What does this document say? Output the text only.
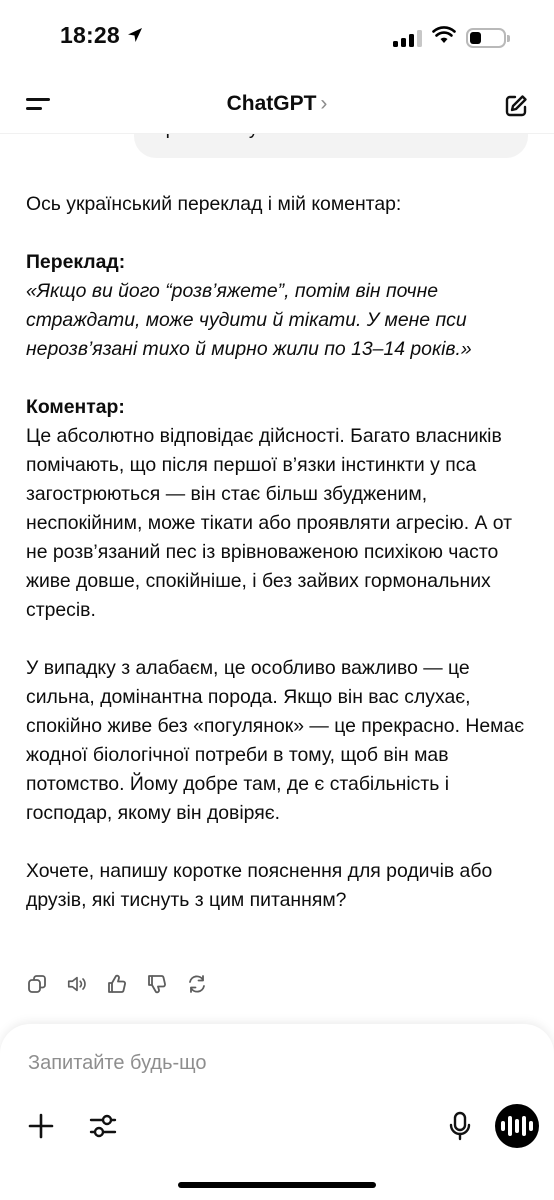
18:28
ChatGPT ›

Ось український переклад і мій коментар:

Переклад:
«Якщо ви його “розв’яжете”, потім він почне страждати, може чудити й тікати. У мене пси нерозв’язані тихо й мирно жили по 13–14 років.»

Коментар:
Це абсолютно відповідає дійсності. Багато власників помічають, що після першої в’язки інстинкти у пса загострюються — він стає більш збудженим, неспокійним, може тікати або проявляти агресію. А от не розв’язаний пес із врівноваженою психікою часто живе довше, спокійніше, і без зайвих гормональних стресів.

У випадку з алабаєм, це особливо важливо — це сильна, домінантна порода. Якщо він вас слухає, спокійно живе без «погулянок» — це прекрасно. Немає жодної біологічної потреби в тому, щоб він мав потомство. Йому добре там, де є стабільність і господар, якому він довіряє.

Хочете, напишу коротке пояснення для родичів або друзів, які тиснуть з цим питанням?

Запитайте будь-що
